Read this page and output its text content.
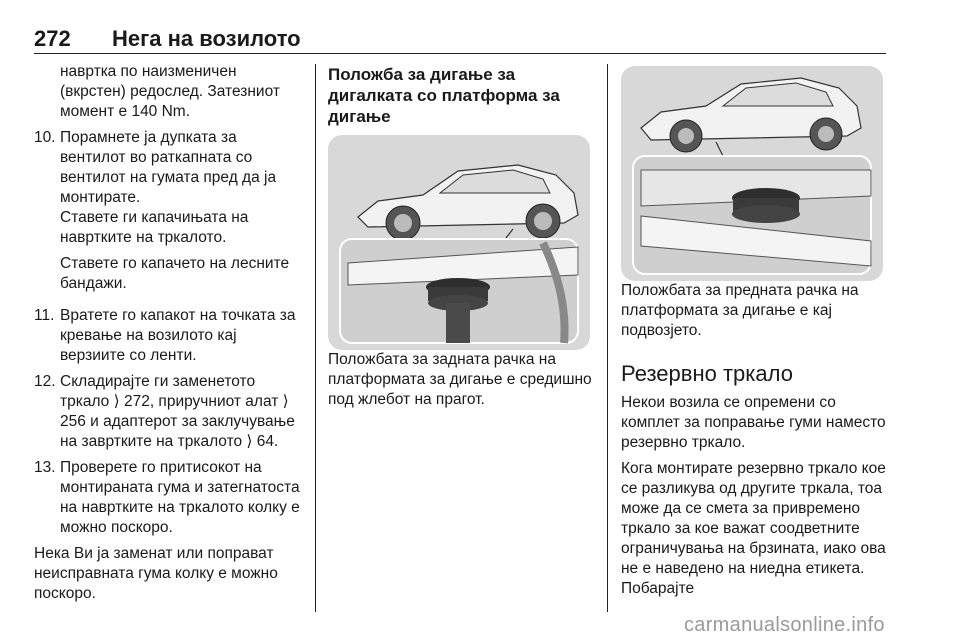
272 Нега на возилото

наврткa по наизменичен (вкрстен) редослед. Затезниот момент е 140 Nm.

10. Порамнете ја дупката за вентилот во раткапната со вентилот на гумата пред да ја монтирате.

Ставете ги капачињата на навртките на тркалото.

Ставете го капачето на лесните бандажи.

11. Вратете го капакот на точката за кревање на возилото кај верзиите со ленти.
12. Складирајте ги заменетото тркало ⟩ 272, приручниот алат ⟩ 256 и адаптерот за заклучување на завртките на тркалото ⟩ 64.
13. Проверете го притисокот на монтираната гума и затегнатоста на навртките на тркалото колку е можно поскоро.

Нека Ви ја заменат или поправат неисправната гума колку е можно поскоро.

Положба за дигање за дигалката со платформа за дигање

Положбата за задната рачка на платформата за дигање е средишно под жлебот на прагот.

Положбата за предната рачка на платформата за дигање е кај подвозјето.

Резервно тркало

Некои возила се опремени со комплет за поправање гуми наместо резервно тркало.

Кога монтирате резервно тркало кое се разликува од другите тркала, тоа може да се смета за привремено тркало за кое важат соодветните ограничувања на брзината, иако ова не е наведено на ниедна етикета. Побарајте

carmanualsonline.info
